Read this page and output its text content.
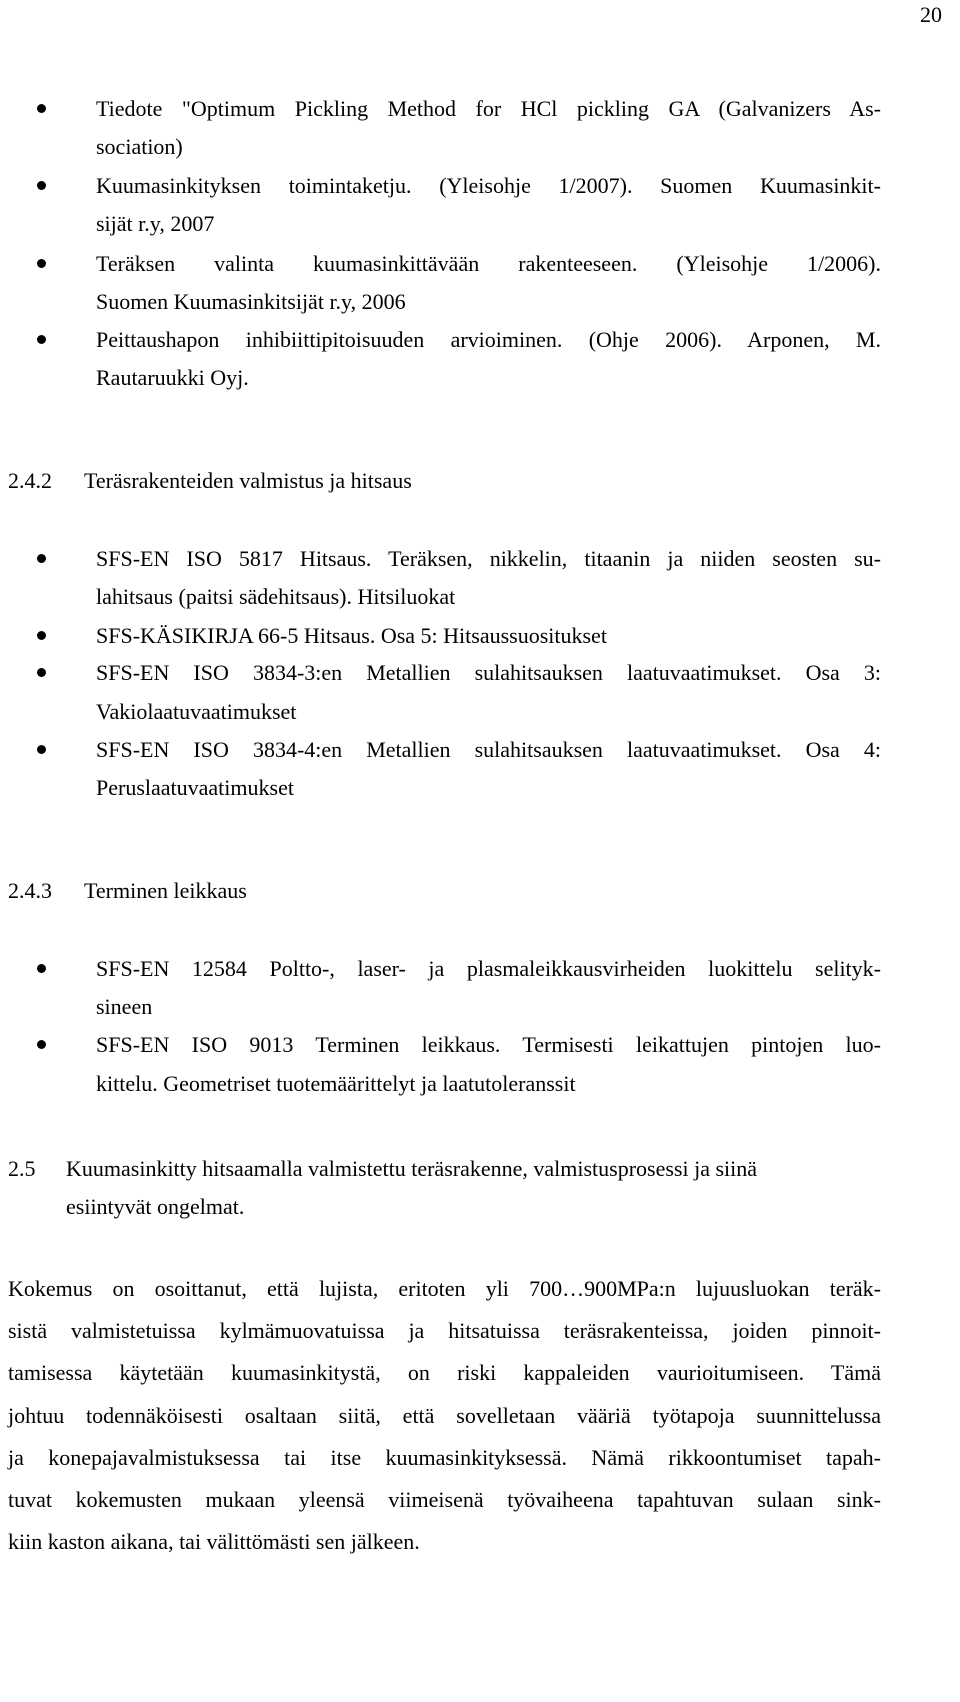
20
Tiedote "Optimum Pickling Method for HCl pickling GA (Galvanizers As-
sociation)
Kuumasinkityksen toimintaketju. (Yleisohje 1/2007). Suomen Kuumasinkit-
sijät r.y, 2007
Teräksen valinta kuumasinkittävään rakenteeseen. (Yleisohje 1/2006).
Suomen Kuumasinkitsijät r.y, 2006
Peittaushapon inhibiittipitoisuuden arvioiminen. (Ohje 2006). Arponen, M.
Rautaruukki Oyj.
2.4.2 Teräsrakenteiden valmistus ja hitsaus
SFS-EN ISO 5817 Hitsaus. Teräksen, nikkelin, titaanin ja niiden seosten su-
lahitsaus (paitsi sädehitsaus). Hitsiluokat
SFS-KÄSIKIRJA 66-5 Hitsaus. Osa 5: Hitsaussuositukset
SFS-EN ISO 3834-3:en Metallien sulahitsauksen laatuvaatimukset. Osa 3:
Vakiolaatuvaatimukset
SFS-EN ISO 3834-4:en Metallien sulahitsauksen laatuvaatimukset. Osa 4:
Peruslaatuvaatimukset
2.4.3 Terminen leikkaus
SFS-EN 12584 Poltto-, laser- ja plasmaleikkausvirheiden luokittelu selityk-
sineen
SFS-EN ISO 9013 Terminen leikkaus. Termisesti leikattujen pintojen luo-
kittelu. Geometriset tuotemäärittelyt ja laatutoleranssit
2.5 Kuumasinkitty hitsaamalla valmistettu teräsrakenne, valmistusprosessi ja siinä
esiintyvät ongelmat.
Kokemus on osoittanut, että lujista, eritoten yli 700…900MPa:n lujuusluokan teräk-
sistä valmistetuissa kylmämuovatuissa ja hitsatuissa teräsrakenteissa, joiden pinnoit-
tamisessa käytetään kuumasinkitystä, on riski kappaleiden vaurioitumiseen. Tämä
johtuu todennäköisesti osaltaan siitä, että sovelletaan vääriä työtapoja suunnittelussa
ja konepajavalmistuksessa tai itse kuumasinkityksessä. Nämä rikkoontumiset tapah-
tuvat kokemusten mukaan yleensä viimeisenä työvaiheena tapahtuvan sulaan sink-
kiin kaston aikana, tai välittömästi sen jälkeen.
